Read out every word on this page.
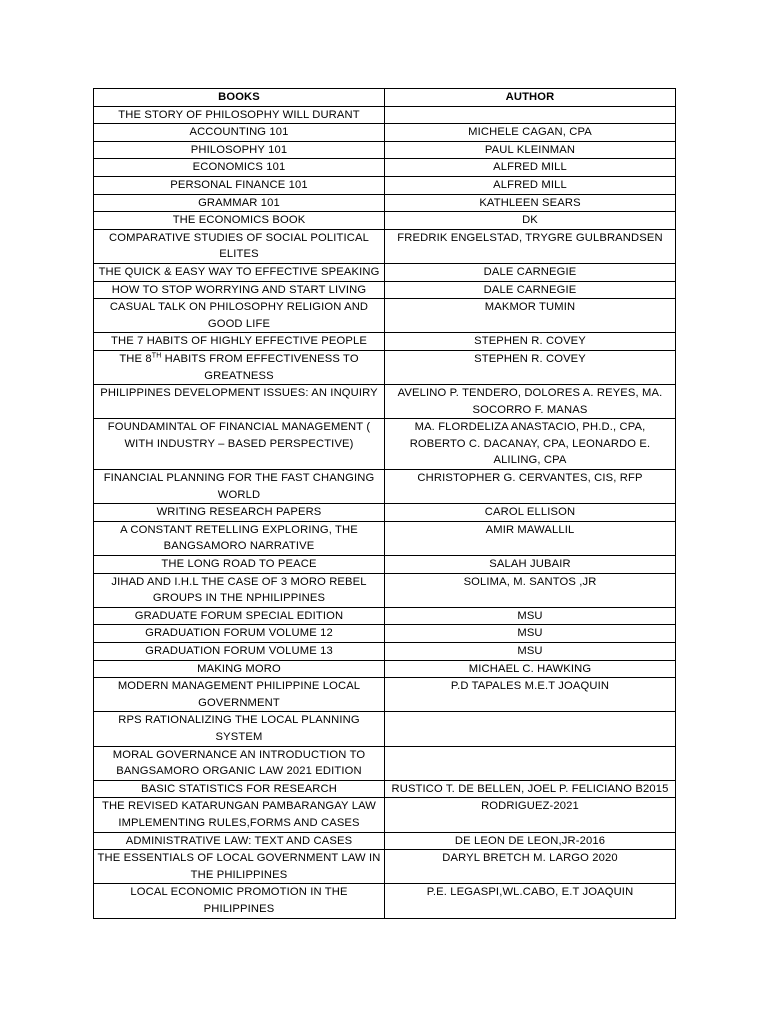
BOOKS	AUTHOR
THE STORY OF PHILOSOPHY WILL DURANT	
ACCOUNTING 101	MICHELE CAGAN, CPA
PHILOSOPHY 101	PAUL KLEINMAN
ECONOMICS 101	ALFRED MILL
PERSONAL FINANCE 101	ALFRED MILL
GRAMMAR 101	KATHLEEN SEARS
THE ECONOMICS BOOK	DK
COMPARATIVE STUDIES OF SOCIAL POLITICAL ELITES	FREDRIK ENGELSTAD, TRYGRE GULBRANDSEN
THE QUICK & EASY WAY TO EFFECTIVE SPEAKING	DALE CARNEGIE
HOW TO STOP WORRYING AND START LIVING	DALE CARNEGIE
CASUAL TALK ON PHILOSOPHY RELIGION AND GOOD LIFE	MAKMOR TUMIN
THE 7 HABITS OF HIGHLY EFFECTIVE PEOPLE	STEPHEN R. COVEY
THE 8TH HABITS FROM EFFECTIVENESS TO GREATNESS	STEPHEN R. COVEY
PHILIPPINES DEVELOPMENT ISSUES: AN INQUIRY	AVELINO P. TENDERO, DOLORES A. REYES, MA. SOCORRO F. MANAS
FOUNDAMINTAL OF FINANCIAL MANAGEMENT ( WITH INDUSTRY – BASED PERSPECTIVE)	MA. FLORDELIZA ANASTACIO, PH.D., CPA, ROBERTO C. DACANAY, CPA, LEONARDO E. ALILING, CPA
FINANCIAL PLANNING FOR THE FAST CHANGING WORLD	CHRISTOPHER G. CERVANTES, CIS, RFP
WRITING RESEARCH PAPERS	CAROL ELLISON
A CONSTANT RETELLING EXPLORING, THE BANGSAMORO NARRATIVE	AMIR MAWALLIL
THE LONG ROAD TO PEACE	SALAH JUBAIR
JIHAD AND I.H.L THE CASE OF 3 MORO REBEL GROUPS IN THE NPHILIPPINES	SOLIMA, M. SANTOS ,JR
GRADUATE FORUM SPECIAL EDITION	MSU
GRADUATION FORUM VOLUME 12	MSU
GRADUATION FORUM VOLUME 13	MSU
MAKING MORO	MICHAEL C. HAWKING
MODERN MANAGEMENT PHILIPPINE LOCAL GOVERNMENT	P.D TAPALES M.E.T JOAQUIN
RPS RATIONALIZING THE LOCAL PLANNING SYSTEM	
MORAL GOVERNANCE AN INTRODUCTION TO BANGSAMORO ORGANIC LAW 2021 EDITION	
BASIC STATISTICS FOR RESEARCH	RUSTICO T. DE BELLEN, JOEL P. FELICIANO B2015
THE REVISED KATARUNGAN PAMBARANGAY LAW IMPLEMENTING RULES,FORMS AND CASES	RODRIGUEZ-2021
ADMINISTRATIVE LAW: TEXT AND CASES	DE LEON DE LEON,JR-2016
THE ESSENTIALS OF LOCAL GOVERNMENT LAW IN THE PHILIPPINES	DARYL BRETCH M. LARGO 2020
LOCAL ECONOMIC PROMOTION IN THE PHILIPPINES	P.E. LEGASPI,WL.CABO, E.T JOAQUIN
